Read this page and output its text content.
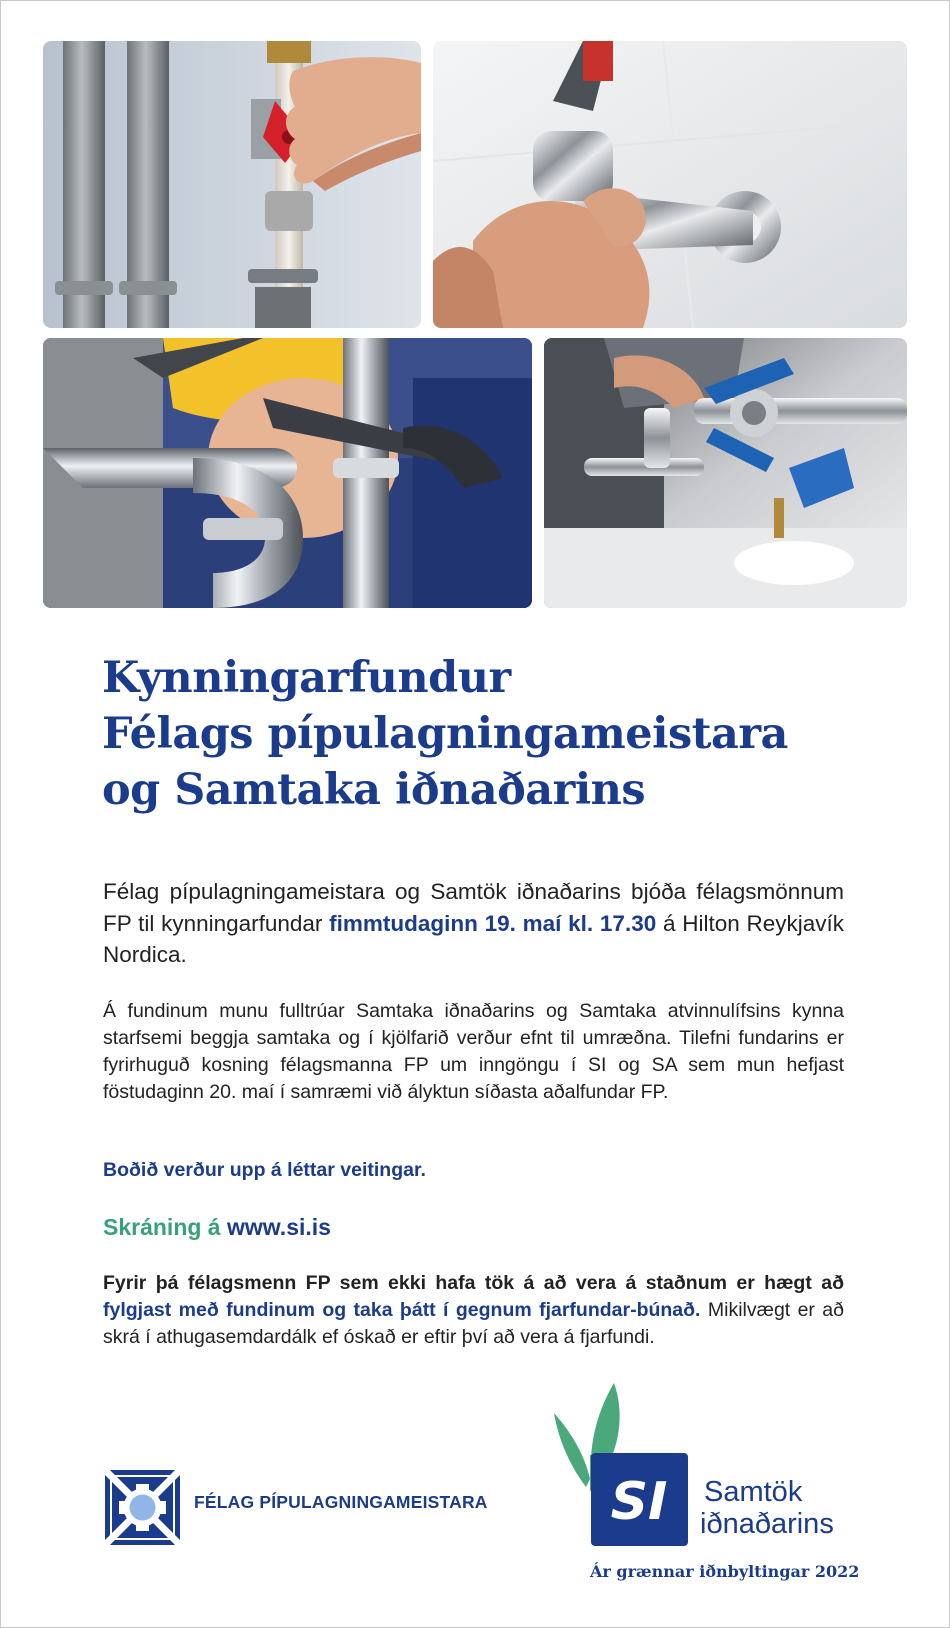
Kynningarfundur
Félags pípulagningameistara
og Samtaka iðnaðarins

Félag pípulagningameistara og Samtök iðnaðarins bjóða félagsmönnum FP til kynningarfundar fimmtudaginn 19. maí kl. 17.30 á Hilton Reykjavík Nordica.

Á fundinum munu fulltrúar Samtaka iðnaðarins og Samtaka atvinnulífsins kynna starfsemi beggja samtaka og í kjölfarið verður efnt til umræðna. Tilefni fundarins er fyrirhuguð kosning félagsmanna FP um inngöngu í SI og SA sem mun hefjast föstudaginn 20. maí í samræmi við ályktun síðasta aðalfundar FP.

Boðið verður upp á léttar veitingar.

Skráning á www.si.is

Fyrir þá félagsmenn FP sem ekki hafa tök á að vera á staðnum er hægt að fylgjast með fundinum og taka þátt í gegnum fjarfundar-búnað. Mikilvægt er að skrá í athugasemdardálk ef óskað er eftir því að vera á fjarfundi.

FÉLAG PÍPULAGNINGAMEISTARA SI Samtök
iðnaðarins
Ár grænnar iðnbyltingar 2022
